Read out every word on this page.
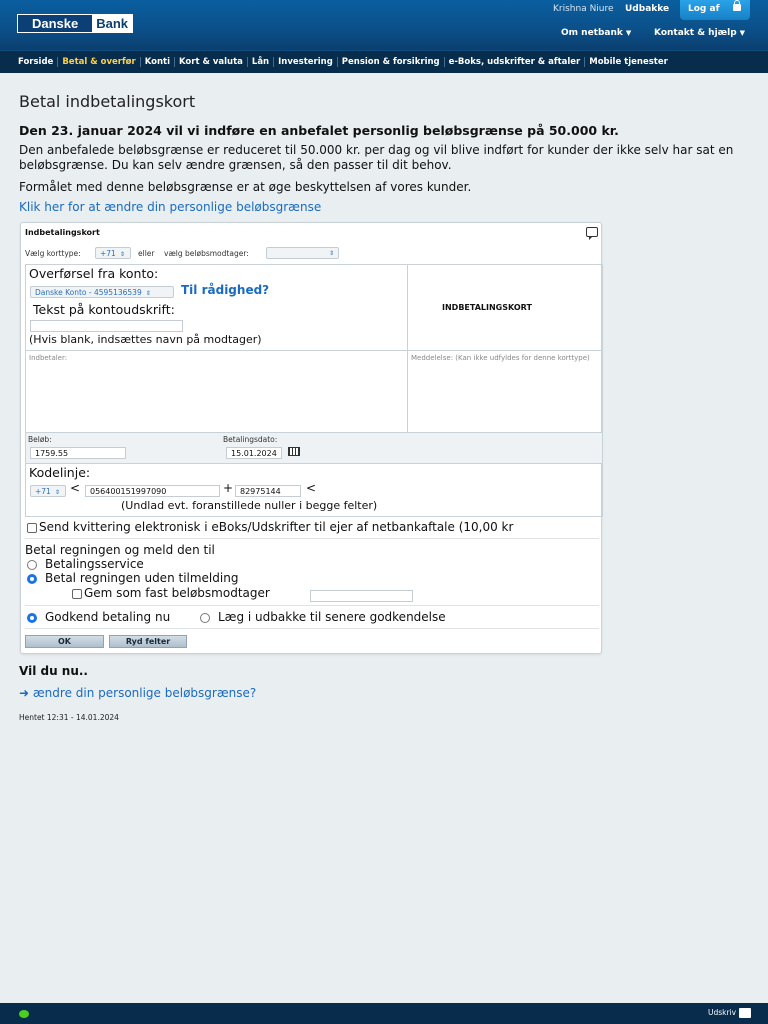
Danske	Bank
Krishna Niure Udbakke	Log af
Om netbank ▼	Kontakt & hjælp ▼
Forside	Betal & overfør	Konti	Kort & valuta	Lån	Investering	Pension & forsikring	e-Boks, udskrifter & aftaler	Mobile tjenester
Betal indbetalingskort
Den 23. januar 2024 vil vi indføre en anbefalet personlig beløbsgrænse på 50.000 kr.
Den anbefalede beløbsgrænse er reduceret til 50.000 kr. per dag og vil blive indført for kunder der ikke selv har sat en beløbsgrænse. Du kan selv ændre grænsen, så den passer til dit behov.
Formålet med denne beløbsgrænse er at øge beskyttelsen af vores kunder.
Klik her for at ændre din personlige beløbsgrænse
Indbetalingskort
Vælg korttype:	+71 ⇕	eller vælg beløbsmodtager:	⇕
Overførsel fra konto:
Danske Konto - 4595136539 ⇕	Til rådighed?
Tekst på kontoudskrift:
(Hvis blank, indsættes navn på modtager)
INDBETALINGSKORT
Indbetaler:	Meddelelse: (Kan ikke udfyldes for denne korttype)
Beløb:
1759.55
Betalingsdato:
15.01.2024
Kodelinje:
+71 ⇕ <	056400151997090	+ 82975144	<
(Undlad evt. foranstillede nuller i begge felter)
Send kvittering elektronisk i eBoks/Udskrifter til ejer af netbankaftale (10,00 kr
Betal regningen og meld den til
Betalingsservice
Betal regningen uden tilmelding
Gem som fast beløbsmodtager
Godkend betaling nu	Læg i udbakke til senere godkendelse
OK	Ryd felter
Vil du nu..
➜ ændre din personlige beløbsgrænse?
Hentet 12:31 - 14.01.2024
Udskriv
